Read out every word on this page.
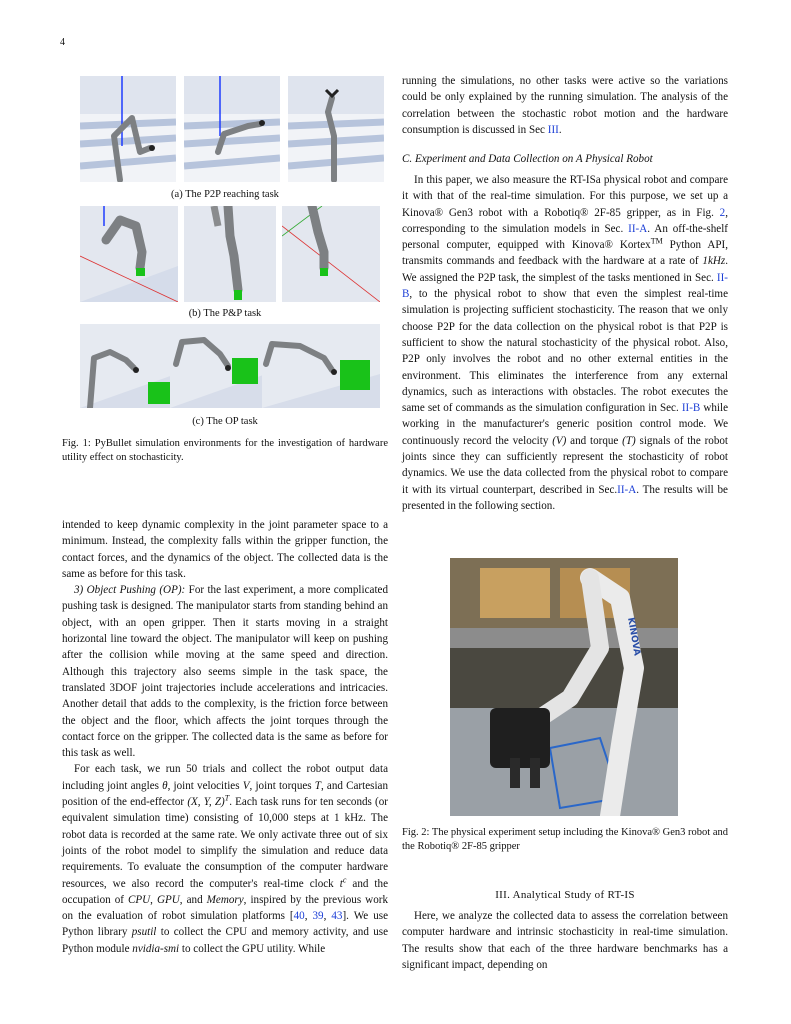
4
(a) The P2P reaching task
(b) The P&P task
(c) The OP task
Fig. 1: PyBullet simulation environments for the investigation of hardware utility effect on stochasticity.

intended to keep dynamic complexity in the joint parameter space to a minimum. Instead, the complexity falls within the gripper function, the contact forces, and the dynamics of the object. The collected data is the same as before for this task.

3) Object Pushing (OP): For the last experiment, a more complicated pushing task is designed. The manipulator starts from standing behind an object, with an open gripper. Then it starts moving in a straight horizontal line toward the object. The manipulator will keep on pushing after the collision while moving at the same speed and direction. Although this trajectory also seems simple in the task space, the translated 3DOF joint trajectories include accelerations and intricacies. Another detail that adds to the complexity, is the friction force between the object and the floor, which affects the joint torques through the contact force on the gripper. The collected data is the same as before for this task as well.

For each task, we run 50 trials and collect the robot output data including joint angles θ, joint velocities V, joint torques T, and Cartesian position of the end-effector (X, Y, Z)$^T$. Each task runs for ten seconds (or equivalent simulation time) consisting of 10,000 steps at 1 kHz. The robot data is recorded at the same rate. We only activate three out of six joints of the robot model to simplify the simulation and reduce data requirements. To evaluate the consumption of the computer hardware resources, we also record the computer's real-time clock $t^c$ and the occupation of CPU, GPU, and Memory, inspired by the previous work on the evaluation of robot simulation platforms [40, 39, 43]. We use Python library psutil to collect the CPU and memory activity, and use Python module nvidia-smi to collect the GPU utility. While

running the simulations, no other tasks were active so the variations could be only explained by the running simulation. The analysis of the correlation between the stochastic robot motion and the hardware consumption is discussed in Sec III.

C. Experiment and Data Collection on A Physical Robot

In this paper, we also measure the RT-ISa physical robot and compare it with that of the real-time simulation. For this purpose, we set up a Kinova® Gen3 robot with a Robotiq® 2F-85 gripper, as in Fig. 2, corresponding to the simulation models in Sec. II-A. An off-the-shelf personal computer, equipped with Kinova® Kortex™ Python API, transmits commands and feedback with the hardware at a rate of 1kHz. We assigned the P2P task, the simplest of the tasks mentioned in Sec. II-B, to the physical robot to show that even the simplest real-time simulation is projecting sufficient stochasticity. The reason that we only choose P2P for the data collection on the physical robot is that P2P is sufficient to show the natural stochasticity of the physical robot. Also, P2P only involves the robot and no other external entities in the environment. This eliminates the interference from any external dynamics, such as interactions with obstacles. The robot executes the same set of commands as the simulation configuration in Sec. II-B while working in the manufacturer's generic position control mode. We continuously record the velocity (V) and torque (T) signals of the robot joints since they can sufficiently represent the stochasticity of robot dynamics. We use the data collected from the physical robot to compare it with its virtual counterpart, described in Sec.II-A. The results will be presented in the following section.

KINOVA
Fig. 2: The physical experiment setup including the Kinova® Gen3 robot and the Robotiq® 2F-85 gripper
III. Analytical Study of RT-IS

Here, we analyze the collected data to assess the correlation between computer hardware and intrinsic stochasticity in real-time simulation. The results show that each of the three hardware benchmarks has a significant impact, depending on
